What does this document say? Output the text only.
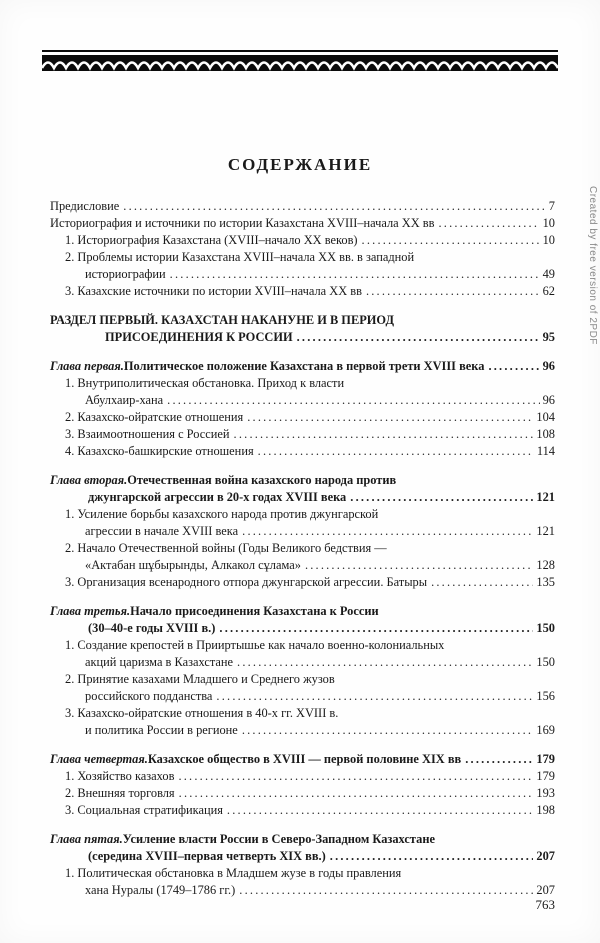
СОДЕРЖАНИЕ
Предисловие .....	7
Историография и источники по истории Казахстана XVIII–начала XX вв .....	10
1. Историография Казахстана (XVIII–начало XX веков) .....	10
2. Проблемы истории Казахстана XVIII–начала XX вв. в западной
историографии .....	49
3. Казахские источники по истории XVIII–начала XX вв .....	62
РАЗДЕЛ ПЕРВЫЙ. КАЗАХСТАН НАКАНУНЕ И В ПЕРИОД
ПРИСОЕДИНЕНИЯ К РОССИИ .....	95
Глава первая. Политическое положение Казахстана в первой трети XVIII века .....	96
1. Внутриполитическая обстановка. Приход к власти
Абулхаир-хана .....	96
2. Казахско-ойратские отношения .....	104
3. Взаимоотношения с Россией .....	108
4. Казахско-башкирские отношения .....	114
Глава вторая. Отечественная война казахского народа против
джунгарской агрессии в 20-х годах XVIII века .....	121
1. Усиление борьбы казахского народа против джунгарской
агрессии в начале XVIII века .....	121
2. Начало Отечественной войны (Годы Великого бедствия —
«Актабан шұбырынды, Алкакол сұлама» .....	128
3. Организация всенародного отпора джунгарской агрессии. Батыры .....	135
Глава третья. Начало присоединения Казахстана к России
(30–40-е годы XVIII в.) .....	150
1. Создание крепостей в Прииртышье как начало военно-колониальных
акций царизма в Казахстане .....	150
2. Принятие казахами Младшего и Среднего жузов
российского подданства .....	156
3. Казахско-ойратские отношения в 40-х гг. XVIII в.
и политика России в регионе .....	169
Глава четвертая. Казахское общество в XVIII — первой половине XIX вв .....	179
1. Хозяйство казахов .....	179
2. Внешняя торговля .....	193
3. Социальная стратификация .....	198
Глава пятая. Усиление власти России в Северо-Западном Казахстане
(середина XVIII–первая четверть XIX вв.) .....	207
1. Политическая обстановка в Младшем жузе в годы правления
хана Нуралы (1749–1786 гг.) .....	207
763
Created by free version of 2PDF
